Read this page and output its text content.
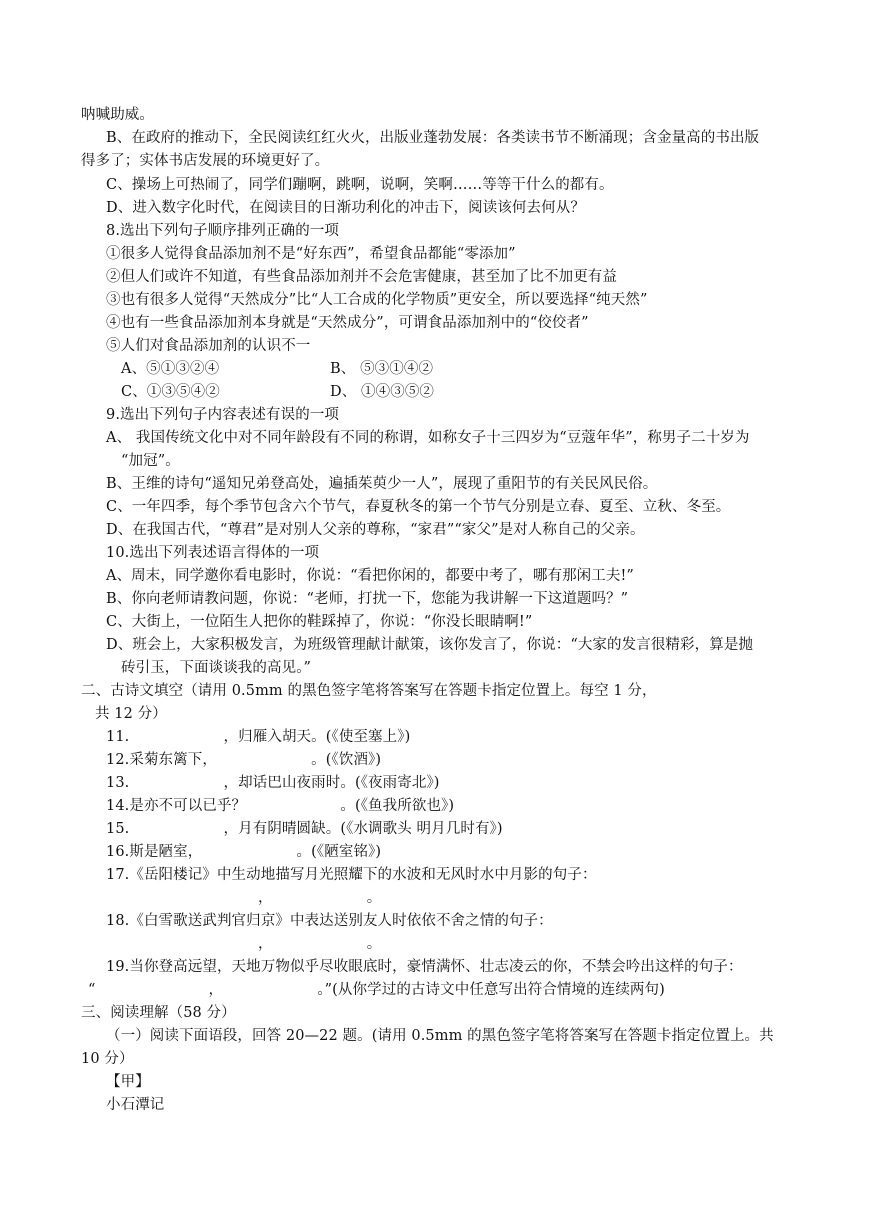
呐喊助威。
B、在政府的推动下，全民阅读红红火火，出版业蓬勃发展：各类读书节不断涌现；含金量高的书出版
得多了；实体书店发展的环境更好了。
C、操场上可热闹了，同学们蹦啊，跳啊，说啊，笑啊……等等干什么的都有。
D、进入数字化时代，在阅读目的日渐功利化的冲击下，阅读该何去何从？
8.选出下列句子顺序排列正确的一项
①很多人觉得食品添加剂不是“好东西”，希望食品都能“零添加”
②但人们或许不知道，有些食品添加剂并不会危害健康，甚至加了比不加更有益
③也有很多人觉得“天然成分”比“人工合成的化学物质”更安全，所以要选择“纯天然”
④也有一些食品添加剂本身就是“天然成分”，可谓食品添加剂中的“佼佼者”
⑤人们对食品添加剂的认识不一
A、⑤①③②④	B、 ⑤③①④②
C、①③⑤④②	D、 ①④③⑤②
9.选出下列句子内容表述有误的一项
A、 我国传统文化中对不同年龄段有不同的称谓，如称女子十三四岁为“豆蔻年华”，称男子二十岁为
“加冠”。
B、王维的诗句“遥知兄弟登高处，遍插茱萸少一人”，展现了重阳节的有关民风民俗。
C、一年四季，每个季节包含六个节气，春夏秋冬的第一个节气分别是立春、夏至、立秋、冬至。
D、在我国古代，“尊君”是对别人父亲的尊称，“家君”“家父”是对人称自己的父亲。
10.选出下列表述语言得体的一项
A、周末，同学邀你看电影时，你说：“看把你闲的，都要中考了，哪有那闲工夫!”
B、你向老师请教问题，你说：“老师，打扰一下，您能为我讲解一下这道题吗？”
C、大街上，一位陌生人把你的鞋踩掉了，你说：“你没长眼睛啊!”
D、班会上，大家积极发言，为班级管理献计献策，该你发言了，你说：“大家的发言很精彩，算是抛
砖引玉，下面谈谈我的高见。”
二、古诗文填空（请用 0.5mm 的黑色签字笔将答案写在答题卡指定位置上。每空 1 分，
共 12 分）
11.                    ，归雁入胡天。(《使至塞上》)
12.采菊东篱下，                    。(《饮酒》)
13.                    ，却话巴山夜雨时。(《夜雨寄北》)
14.是亦不可以已乎？                    。(《鱼我所欲也》)
15.                    ，月有阴晴圆缺。(《水调歌头 明月几时有》)
16.斯是陋室，                    。(《陋室铭》)
17.《岳阳楼记》中生动地描写月光照耀下的水波和无风时水中月影的句子：
，                    。
18.《白雪歌送武判官归京》中表达送别友人时依依不舍之情的句子：
，                    。
19.当你登高远望，天地万物似乎尽收眼底时，豪情满怀、壮志凌云的你，不禁会吟出这样的句子：
“                        ，                    。”(从你学过的古诗文中任意写出符合情境的连续两句)
三、阅读理解（58 分）
（一）阅读下面语段，回答 20—22 题。(请用 0.5mm 的黑色签字笔将答案写在答题卡指定位置上。共
10 分）
【甲】
小石潭记
